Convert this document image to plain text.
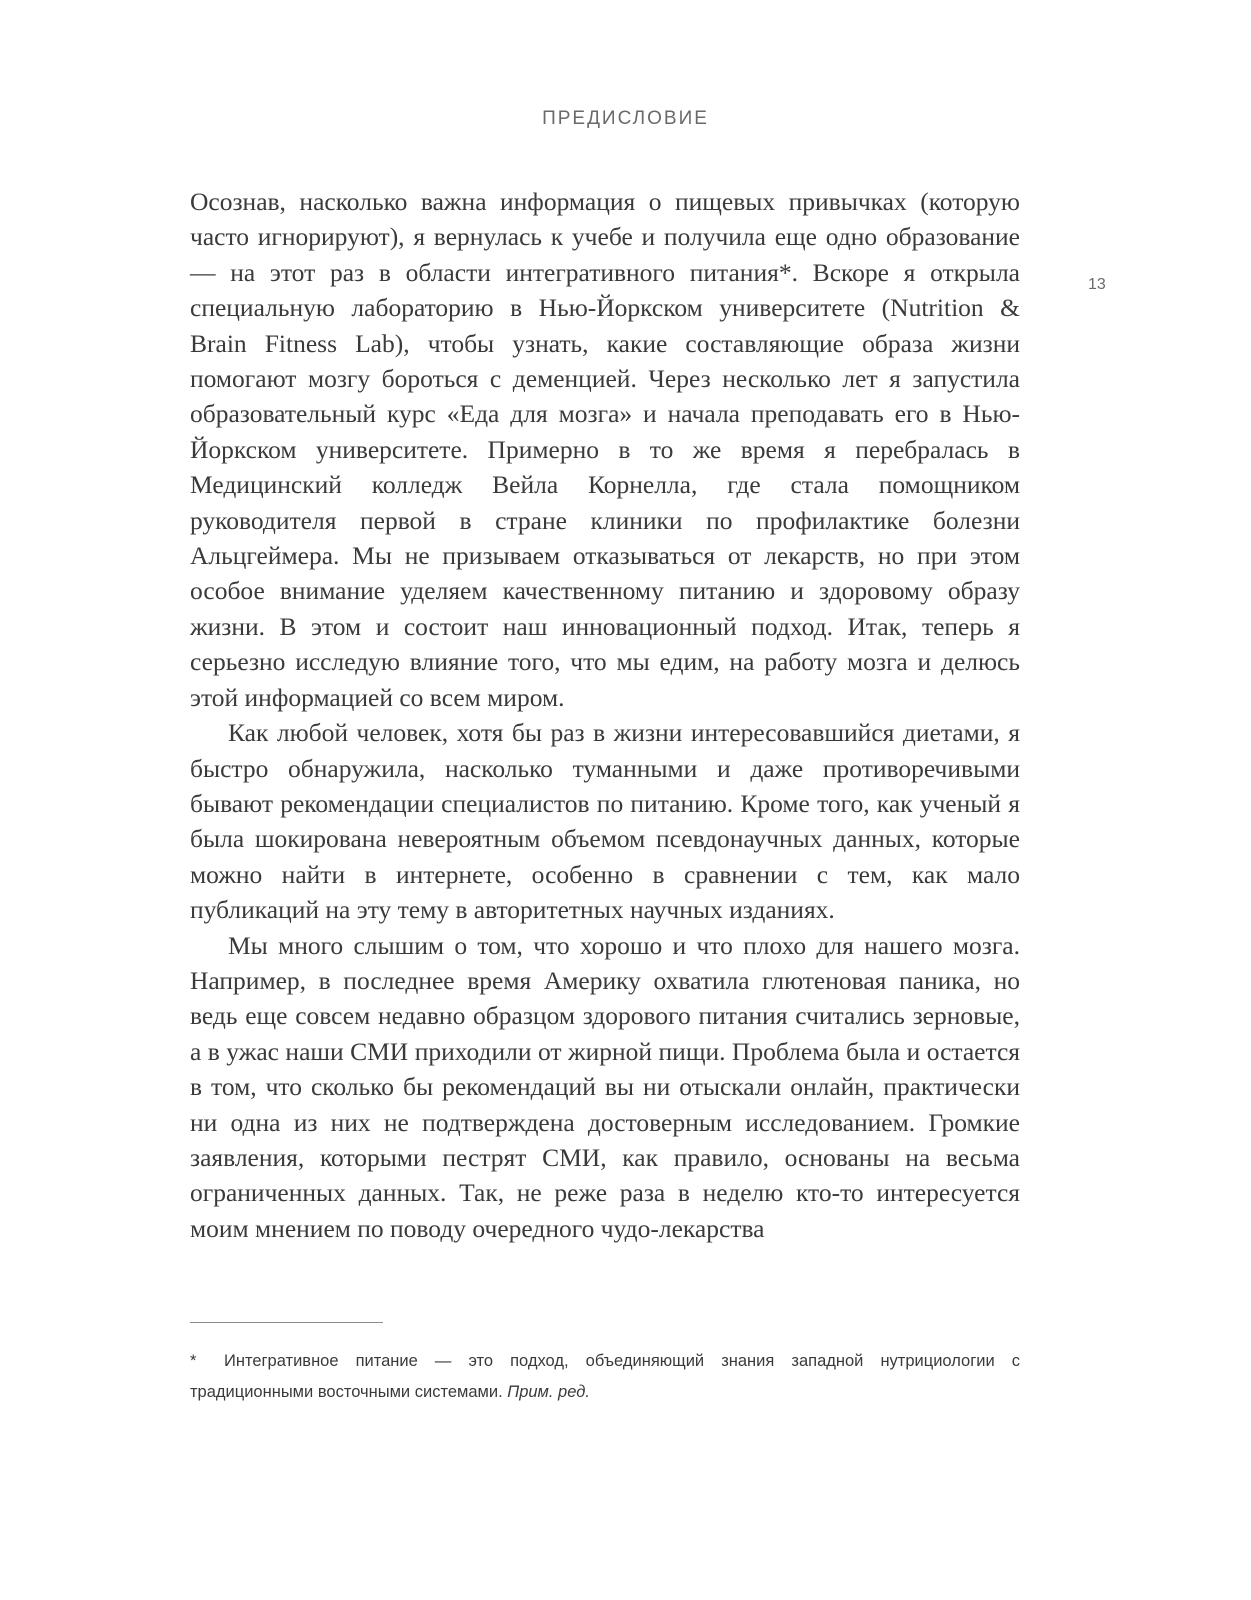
ПРЕДИСЛОВИЕ
13

Осознав, насколько важна информация о пищевых привычках (которую часто игнорируют), я вернулась к учебе и получила еще одно образование — на этот раз в области интегративного питания*. Вскоре я открыла специальную лабораторию в Нью-Йоркском университете (Nutrition & Brain Fitness Lab), чтобы узнать, какие составляющие образа жизни помогают мозгу бороться с деменцией. Через несколько лет я запустила образовательный курс «Еда для мозга» и начала преподавать его в Нью-Йоркском университете. Примерно в то же время я перебралась в Медицинский колледж Вейла Корнелла, где стала помощником руководителя первой в стране клиники по профилактике болезни Альцгеймера. Мы не призываем отказываться от лекарств, но при этом особое внимание уделяем качественному питанию и здоровому образу жизни. В этом и состоит наш инновационный подход. Итак, теперь я серьезно исследую влияние того, что мы едим, на работу мозга и делюсь этой информацией со всем миром.

Как любой человек, хотя бы раз в жизни интересовавшийся диетами, я быстро обнаружила, насколько туманными и даже противоречивыми бывают рекомендации специалистов по питанию. Кроме того, как ученый я была шокирована невероятным объемом псевдонаучных данных, которые можно найти в интернете, особенно в сравнении с тем, как мало публикаций на эту тему в авторитетных научных изданиях.

Мы много слышим о том, что хорошо и что плохо для нашего мозга. Например, в последнее время Америку охватила глютеновая паника, но ведь еще совсем недавно образцом здорового питания считались зерновые, а в ужас наши СМИ приходили от жирной пищи. Проблема была и остается в том, что сколько бы рекомендаций вы ни отыскали онлайн, практически ни одна из них не подтверждена достоверным исследованием. Громкие заявления, которыми пестрят СМИ, как правило, основаны на весьма ограниченных данных. Так, не реже раза в неделю кто-то интересуется моим мнением по поводу очередного чудо-лекарства

* Интегративное питание — это подход, объединяющий знания западной нутрициологии с традиционными восточными системами. Прим. ред.
